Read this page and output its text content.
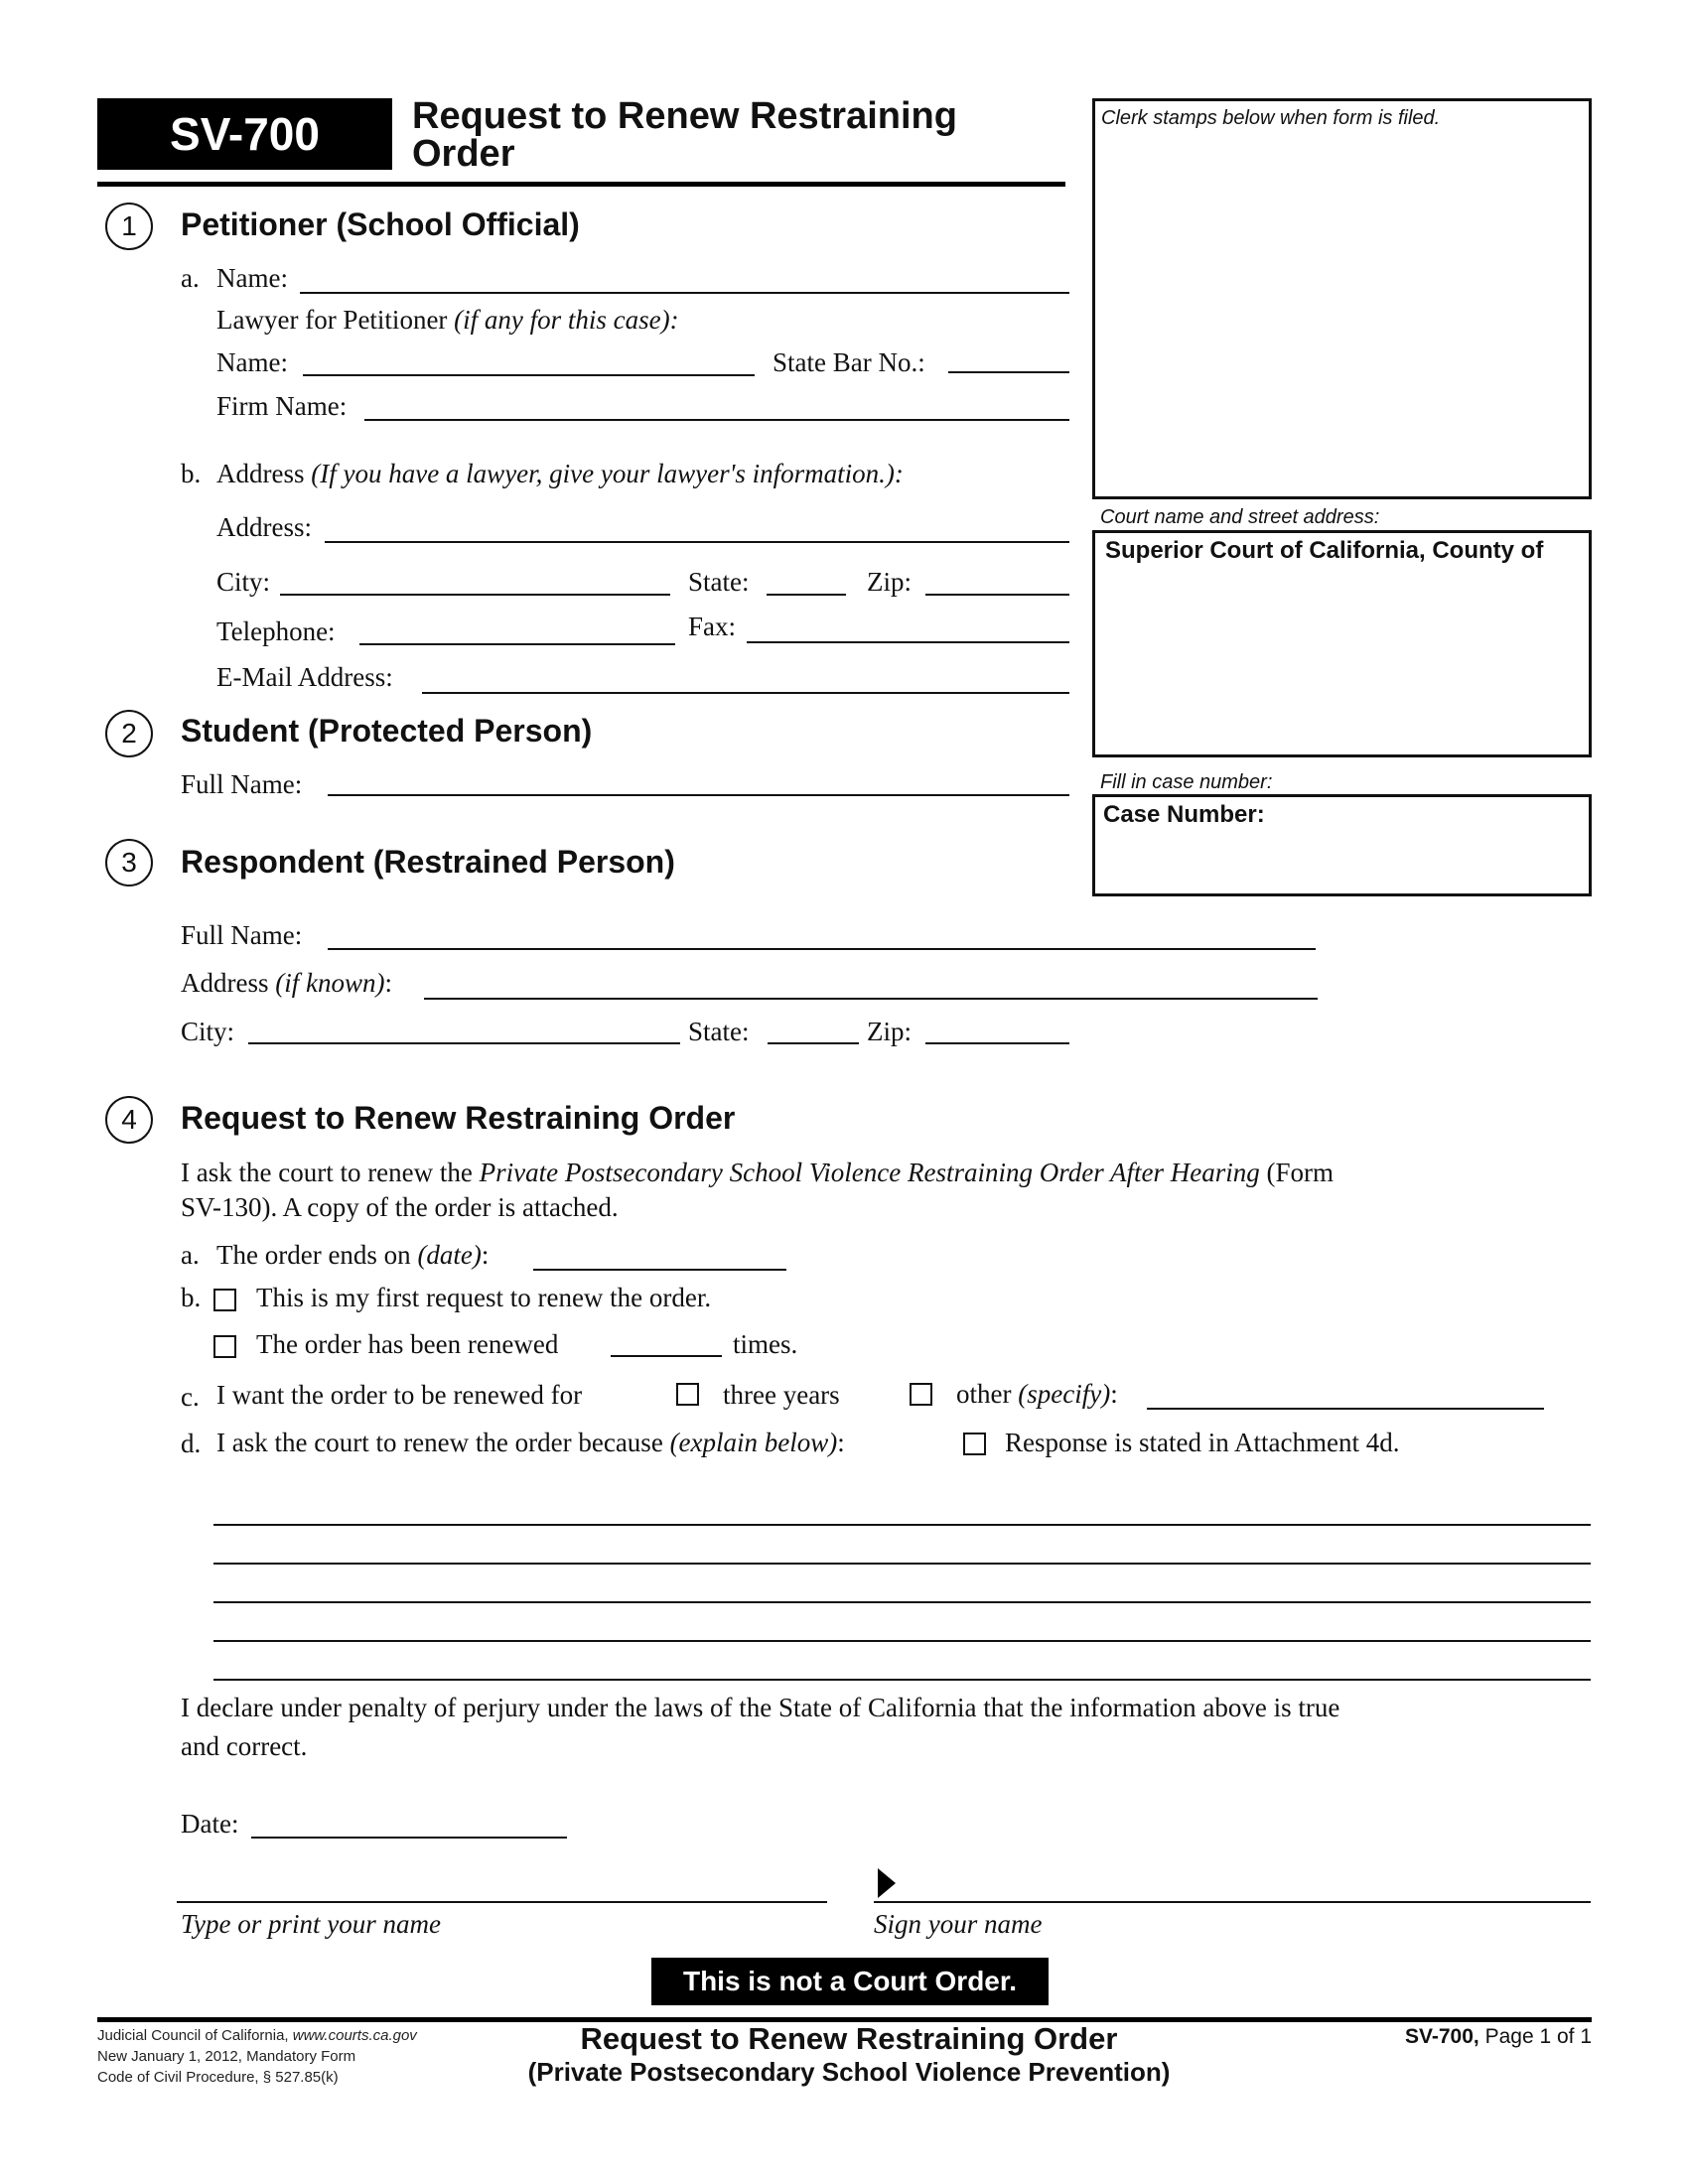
SV-700	Request to Renew Restraining
Order
Clerk stamps below when form is filed.
Court name and street address:
Superior Court of California, County of
Fill in case number:
Case Number:
1	Petitioner (School Official)
a. Name:
Lawyer for Petitioner (if any for this case):
Name:	State Bar No.:
Firm Name:
b. Address (If you have a lawyer, give your lawyer's information.):
Address:
City:	State:	Zip:
Telephone:	Fax:
E-Mail Address:
2	Student (Protected Person)
Full Name:
3	Respondent (Restrained Person)
Full Name:
Address (if known):
City:	State:	Zip:
4	Request to Renew Restraining Order
I ask the court to renew the Private Postsecondary School Violence Restraining Order After Hearing (Form
SV-130). A copy of the order is attached.
a. The order ends on (date):
b. This is my first request to renew the order.
The order has been renewed	times.
c. I want the order to be renewed for	three years	other (specify):
d. I ask the court to renew the order because (explain below):	Response is stated in Attachment 4d.
I declare under penalty of perjury under the laws of the State of California that the information above is true
and correct.
Date:
Type or print your name	Sign your name
This is not a Court Order.
Judicial Council of California, www.courts.ca.gov
New January 1, 2012, Mandatory Form
Code of Civil Procedure, § 527.85(k)
Request to Renew Restraining Order
(Private Postsecondary School Violence Prevention)
SV-700, Page 1 of 1
